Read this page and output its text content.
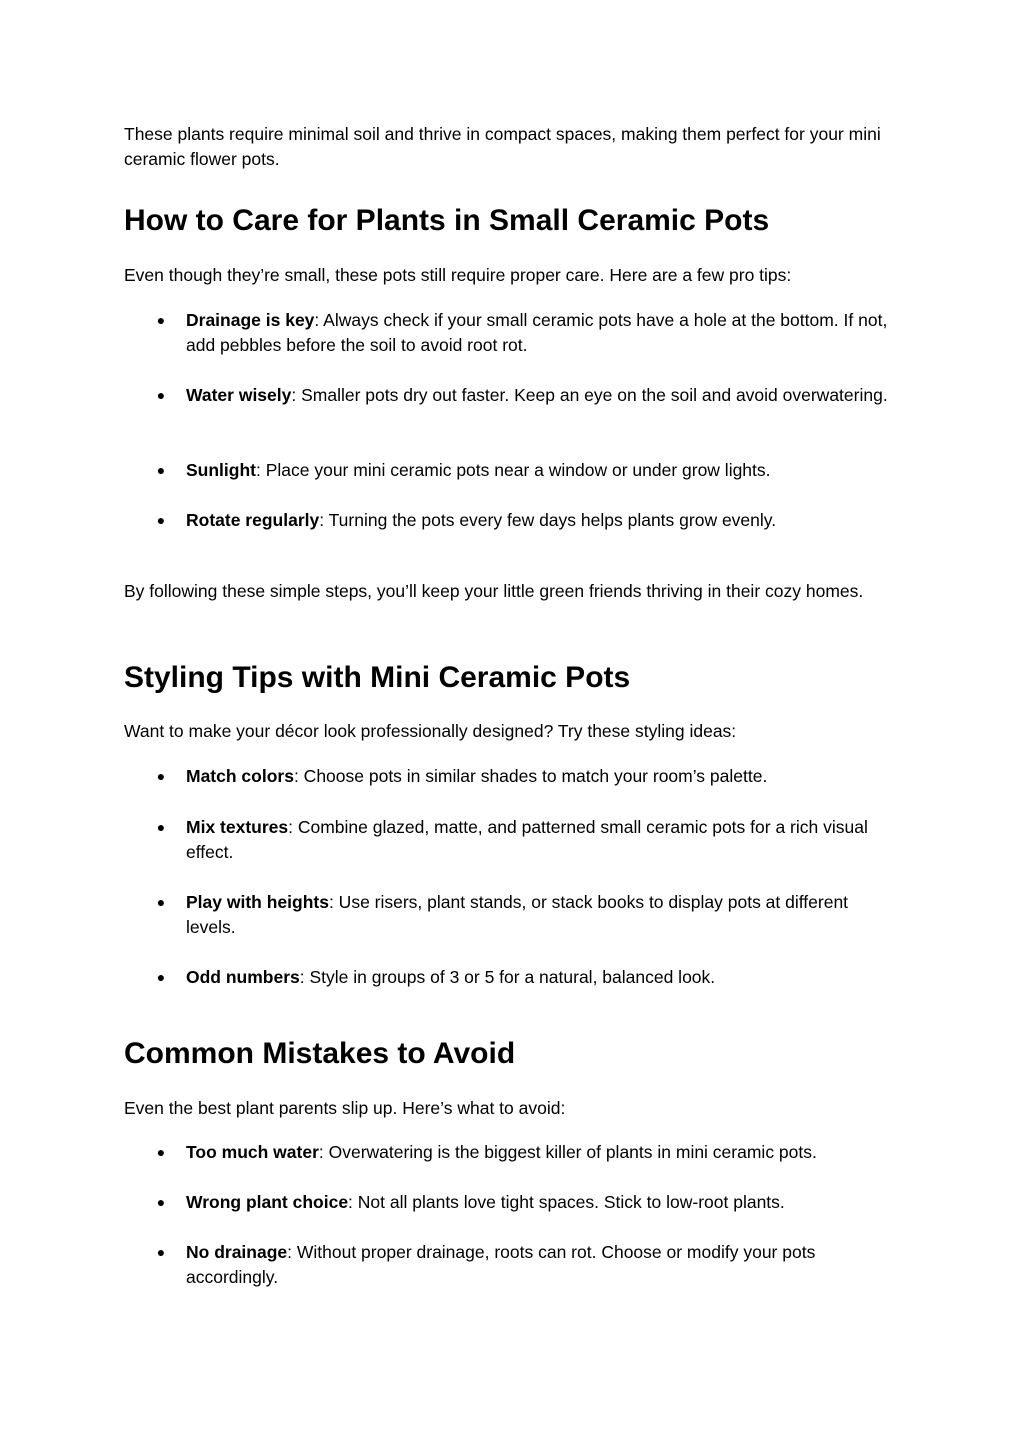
These plants require minimal soil and thrive in compact spaces, making them perfect for your mini ceramic flower pots.

How to Care for Plants in Small Ceramic Pots

Even though they’re small, these pots still require proper care. Here are a few pro tips:

● Drainage is key: Always check if your small ceramic pots have a hole at the bottom. If not, add pebbles before the soil to avoid root rot.

● Water wisely: Smaller pots dry out faster. Keep an eye on the soil and avoid overwatering.

● Sunlight: Place your mini ceramic pots near a window or under grow lights.

● Rotate regularly: Turning the pots every few days helps plants grow evenly.

By following these simple steps, you’ll keep your little green friends thriving in their cozy homes.

Styling Tips with Mini Ceramic Pots

Want to make your décor look professionally designed? Try these styling ideas:

● Match colors: Choose pots in similar shades to match your room’s palette.

● Mix textures: Combine glazed, matte, and patterned small ceramic pots for a rich visual effect.

● Play with heights: Use risers, plant stands, or stack books to display pots at different levels.

● Odd numbers: Style in groups of 3 or 5 for a natural, balanced look.

Common Mistakes to Avoid

Even the best plant parents slip up. Here’s what to avoid:

● Too much water: Overwatering is the biggest killer of plants in mini ceramic pots.

● Wrong plant choice: Not all plants love tight spaces. Stick to low-root plants.

● No drainage: Without proper drainage, roots can rot. Choose or modify your pots accordingly.
